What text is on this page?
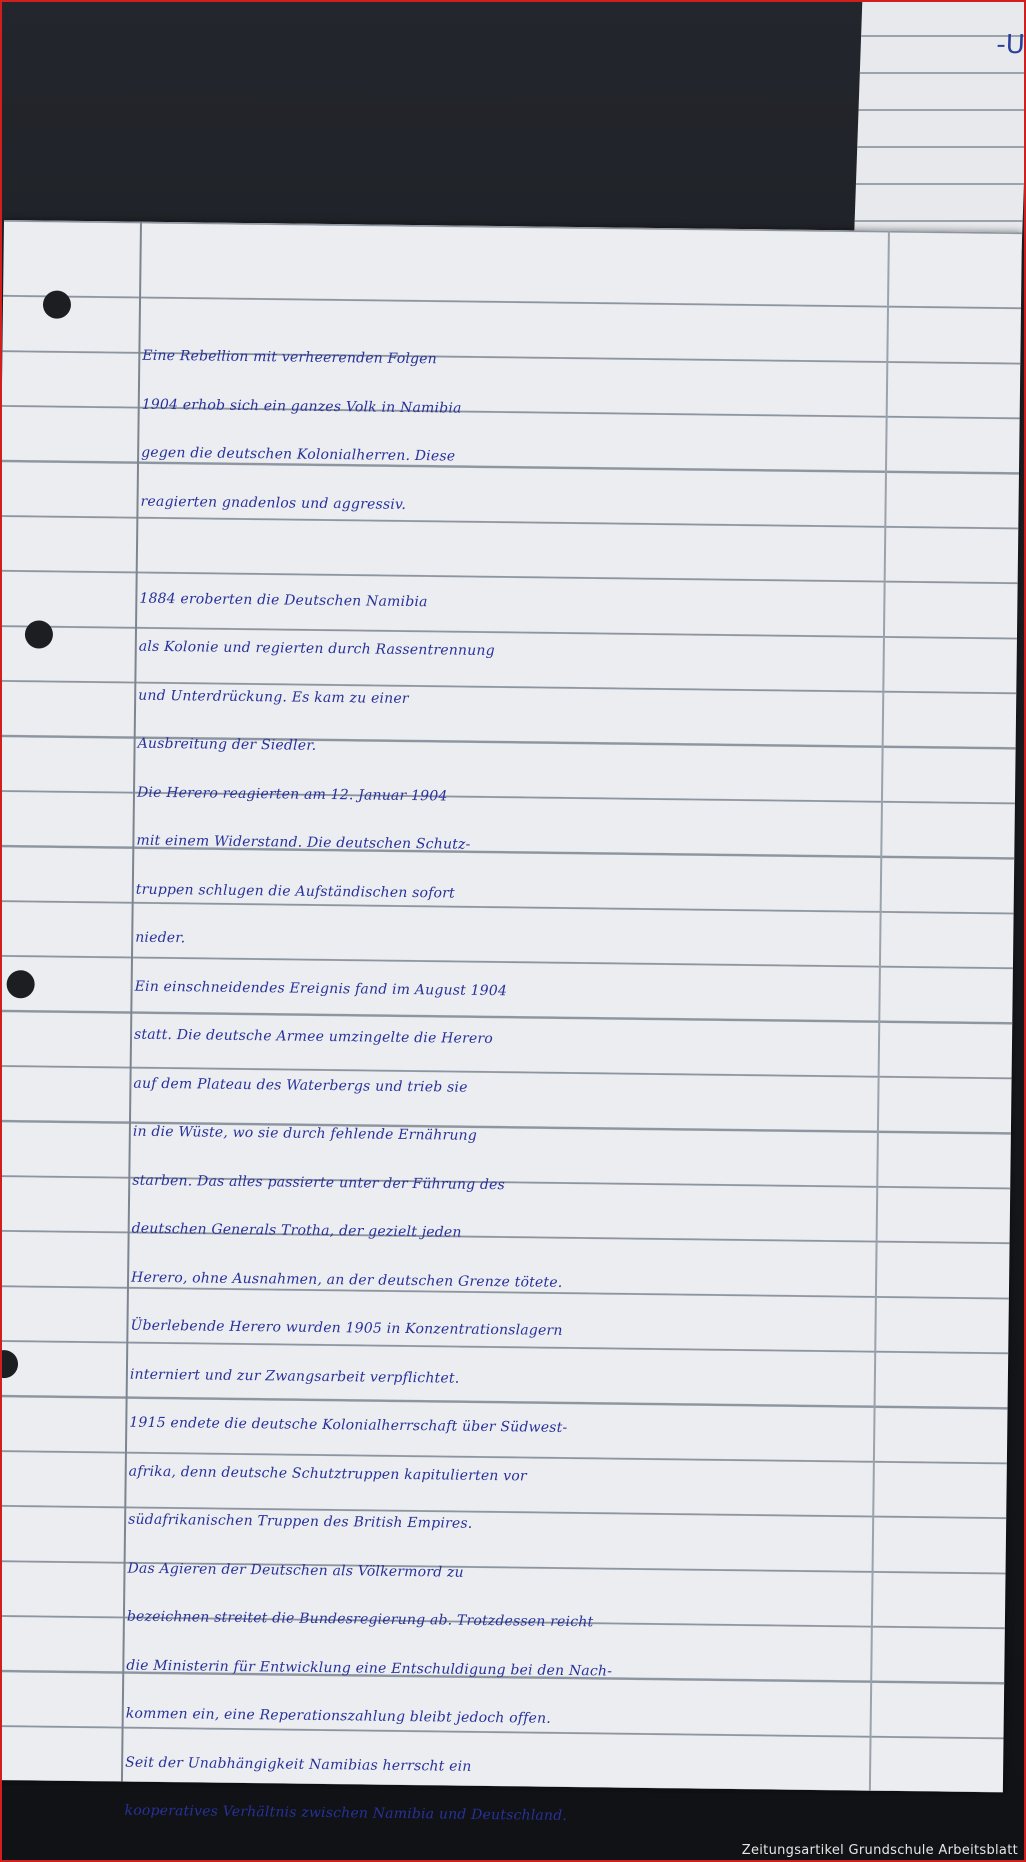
-U
Eine Rebellion mit verheerenden Folgen
1904 erhob sich ein ganzes Volk in Namibia
gegen die deutschen Kolonialherren. Diese
reagierten gnadenlos und aggressiv.
1884 eroberten die Deutschen Namibia
als Kolonie und regierten durch Rassentrennung
und Unterdrückung. Es kam zu einer
Ausbreitung der Siedler.
Die Herero reagierten am 12. Januar 1904
mit einem Widerstand. Die deutschen Schutz-
truppen schlugen die Aufständischen sofort
nieder.
Ein einschneidendes Ereignis fand im August 1904
statt. Die deutsche Armee umzingelte die Herero
auf dem Plateau des Waterbergs und trieb sie
in die Wüste, wo sie durch fehlende Ernährung
starben. Das alles passierte unter der Führung des
deutschen Generals Trotha, der gezielt jeden
Herero, ohne Ausnahmen, an der deutschen Grenze tötete.
Überlebende Herero wurden 1905 in Konzentrationslagern
interniert und zur Zwangsarbeit verpflichtet.
1915 endete die deutsche Kolonialherrschaft über Südwest-
afrika, denn deutsche Schutztruppen kapitulierten vor
südafrikanischen Truppen des British Empires.
Das Agieren der Deutschen als Völkermord zu
bezeichnen streitet die Bundesregierung ab. Trotzdessen reicht
die Ministerin für Entwicklung eine Entschuldigung bei den Nach-
kommen ein, eine Reperationszahlung bleibt jedoch offen.
Seit der Unabhängigkeit Namibias herrscht ein
kooperatives Verhältnis zwischen Namibia und Deutschland.
Zeitungsartikel Grundschule Arbeitsblatt
